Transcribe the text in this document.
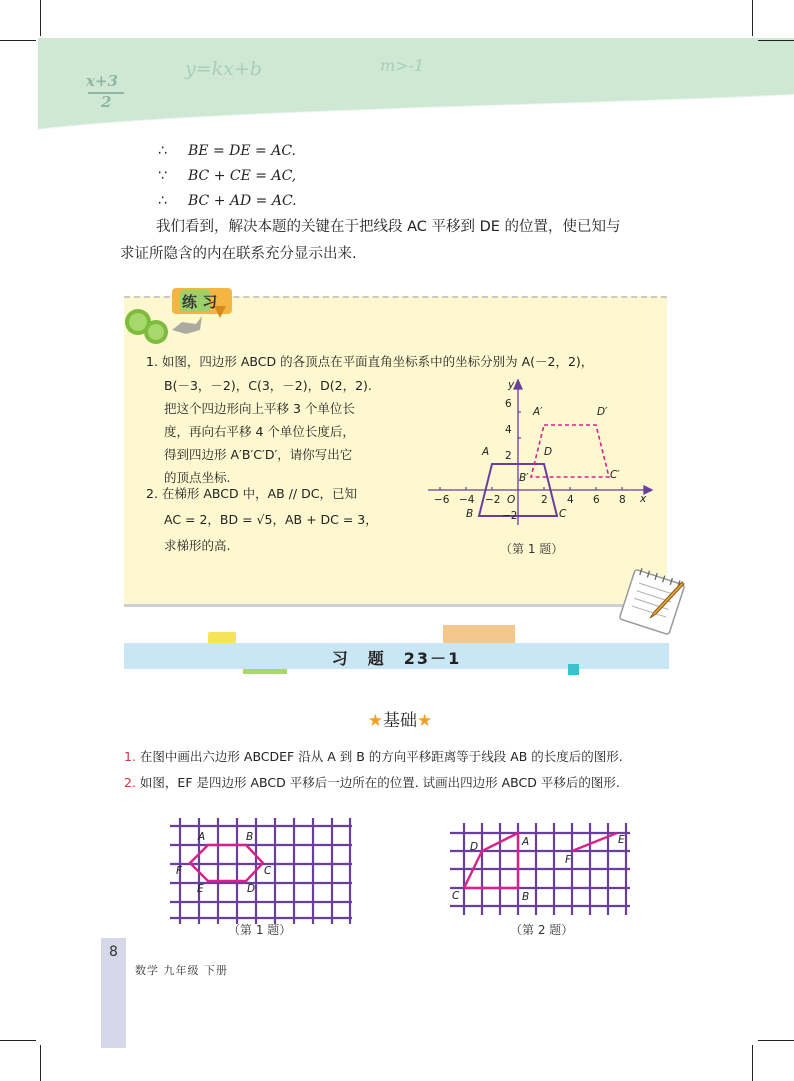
x+3
2
y=kx+b	m>-1
∴ BE = DE = AC.
∵ BC + CE = AC,
∴ BC + AD = AC.
我们看到，解决本题的关键在于把线段 AC 平移到 DE 的位置，使已知与
求证所隐含的内在联系充分显示出来.
练 习
1. 如图，四边形 ABCD 的各顶点在平面直角坐标系中的坐标分别为 A(－2，2)，
B(－3，－2)，C(3，－2)，D(2，2).
把这个四边形向上平移 3 个单位长
度，再向右平移 4 个单位长度后，
得到四边形 A′B′C′D′，请你写出它
的顶点坐标.
2. 在梯形 ABCD 中，AB // DC，已知
AC = 2，BD = √5，AB + DC = 3，
求梯形的高.
−6 −4 −2	2 4 6 8
6
4
2
−2
O	x
y
A
B	C
D
A′
B′	C′
D′
（第 1 题）
习　题　23－1
★基础★
1. 在图中画出六边形 ABCDEF 沿从 A 到 B 的方向平移距离等于线段 AB 的长度后的图形.
2. 如图，EF 是四边形 ABCD 平移后一边所在的位置. 试画出四边形 ABCD 平移后的图形.
A	B
C
D
E
F
（第 1 题）
A
B
C
D
E
F
（第 2 题）
8
数学 九年级 下册
